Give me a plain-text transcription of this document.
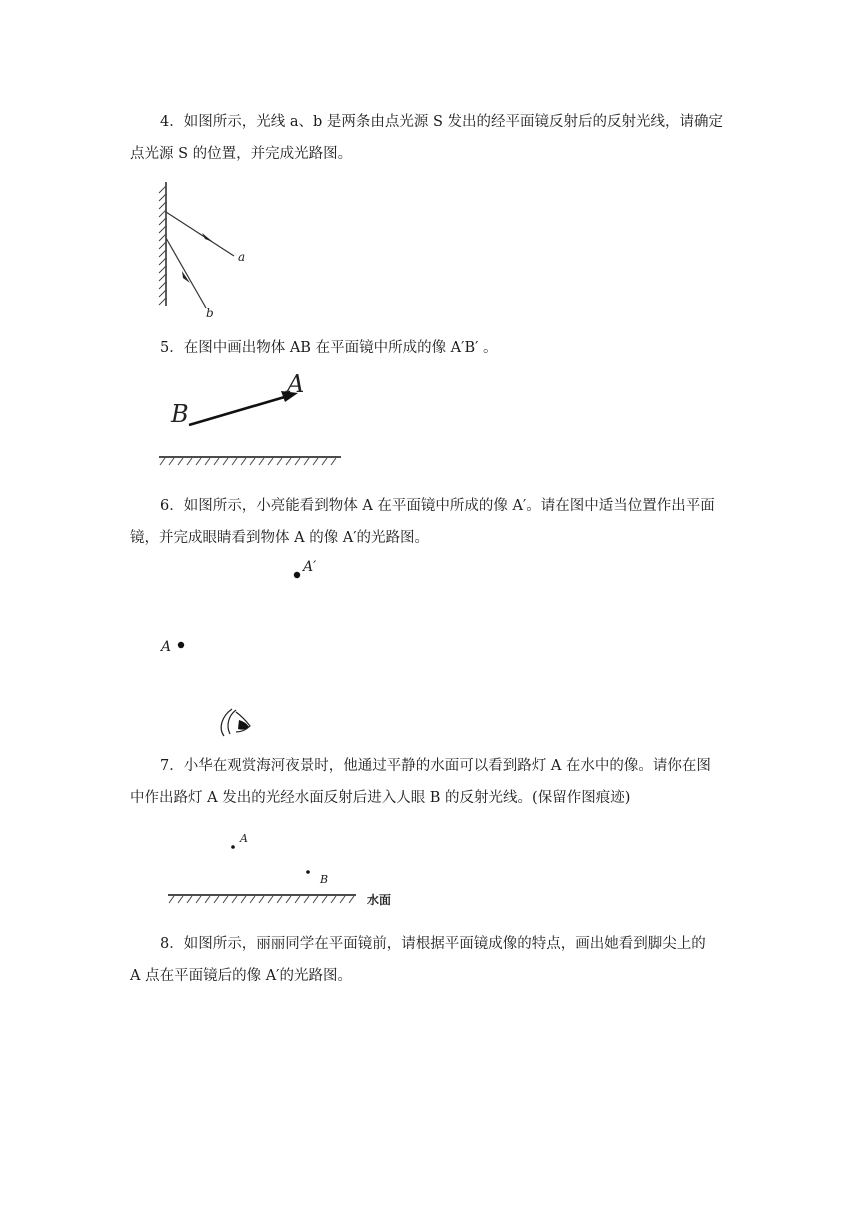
4．如图所示，光线 a、b 是两条由点光源 S 发出的经平面镜反射后的反射光线，请确定

点光源 S 的位置，并完成光路图。

a
b

5．在图中画出物体 AB 在平面镜中所成的像 A′B′ 。

A
B

6．如图所示，小亮能看到物体 A 在平面镜中所成的像 A′。请在图中适当位置作出平面

镜，并完成眼睛看到物体 A 的像 A′的光路图。

A′
A

7．小华在观赏海河夜景时，他通过平静的水面可以看到路灯 A 在水中的像。请你在图

中作出路灯 A 发出的光经水面反射后进入人眼 B 的反射光线。(保留作图痕迹)

A
B
水面

8．如图所示，丽丽同学在平面镜前，请根据平面镜成像的特点，画出她看到脚尖上的

A 点在平面镜后的像 A′的光路图。
